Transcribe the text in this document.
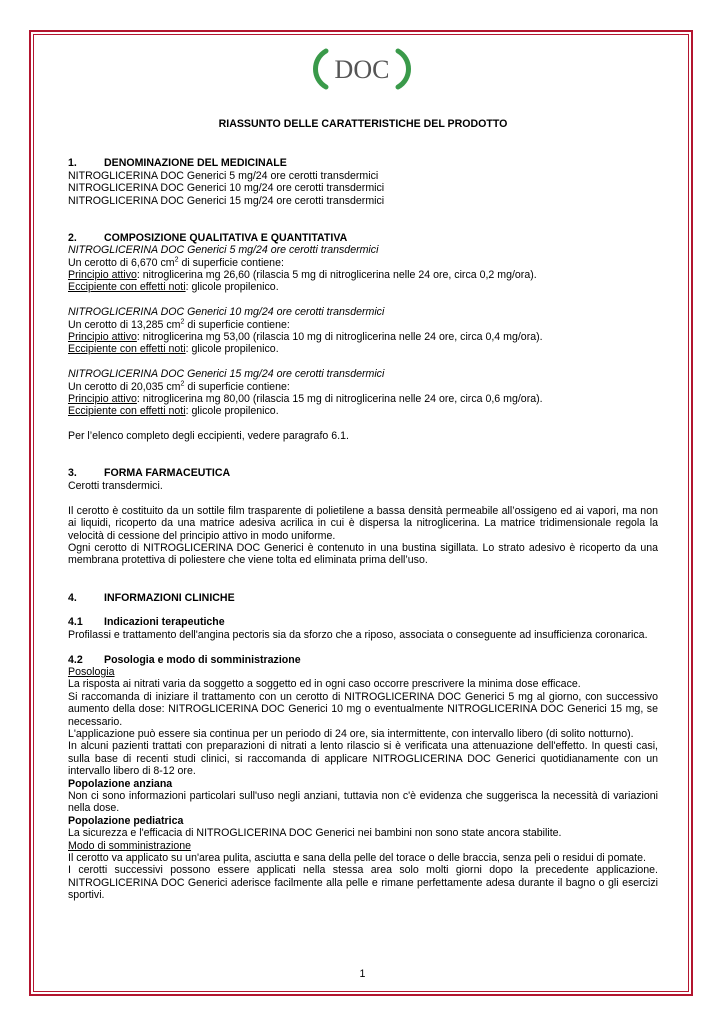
DOC

RIASSUNTO DELLE CARATTERISTICHE DEL PRODOTTO

1.	DENOMINAZIONE DEL MEDICINALE

NITROGLICERINA DOC Generici 5 mg/24 ore cerotti transdermici

NITROGLICERINA DOC Generici 10 mg/24 ore cerotti transdermici

NITROGLICERINA DOC Generici 15 mg/24 ore cerotti transdermici

2.	COMPOSIZIONE QUALITATIVA E QUANTITATIVA

NITROGLICERINA DOC Generici 5 mg/24 ore cerotti transdermici

Un cerotto di 6,670 $cm^2$ di superficie contiene:

Principio attivo: nitroglicerina mg 26,60 (rilascia 5 mg di nitroglicerina nelle 24 ore, circa 0,2 mg/ora).

Eccipiente con effetti noti: glicole propilenico.

NITROGLICERINA DOC Generici 10 mg/24 ore cerotti transdermici

Un cerotto di 13,285 $cm^2$ di superficie contiene:

Principio attivo: nitroglicerina mg 53,00 (rilascia 10 mg di nitroglicerina nelle 24 ore, circa 0,4 mg/ora).

Eccipiente con effetti noti: glicole propilenico.

NITROGLICERINA DOC Generici 15 mg/24 ore cerotti transdermici

Un cerotto di 20,035 $cm^2$ di superficie contiene:

Principio attivo: nitroglicerina mg 80,00 (rilascia 15 mg di nitroglicerina nelle 24 ore, circa 0,6 mg/ora).

Eccipiente con effetti noti: glicole propilenico.

Per l’elenco completo degli eccipienti, vedere paragrafo 6.1.

3.	FORMA FARMACEUTICA

Cerotti transdermici.

Il cerotto è costituito da un sottile film trasparente di polietilene a bassa densità permeabile all’ossigeno ed ai vapori, ma non ai liquidi, ricoperto da una matrice adesiva acrilica in cui è dispersa la nitroglicerina. La matrice tridimensionale regola la velocità di cessione del principio attivo in modo uniforme.

Ogni cerotto di NITROGLICERINA DOC Generici è contenuto in una bustina sigillata. Lo strato adesivo è ricoperto da una membrana protettiva di poliestere che viene tolta ed eliminata prima dell’uso.

4.	INFORMAZIONI CLINICHE

4.1 Indicazioni terapeutiche

Profilassi e trattamento dell'angina pectoris sia da sforzo che a riposo, associata o conseguente ad insufficienza coronarica.

4.2 Posologia e modo di somministrazione

Posologia

La risposta ai nitrati varia da soggetto a soggetto ed in ogni caso occorre prescrivere la minima dose efficace.

Si raccomanda di iniziare il trattamento con un cerotto di NITROGLICERINA DOC Generici 5 mg al giorno, con successivo aumento della dose: NITROGLICERINA DOC Generici 10 mg o eventualmente NITROGLICERINA DOC Generici 15 mg, se necessario.

L'applicazione può essere sia continua per un periodo di 24 ore, sia intermittente, con intervallo libero (di solito notturno).

In alcuni pazienti trattati con preparazioni di nitrati a lento rilascio si è verificata una attenuazione dell'effetto. In questi casi, sulla base di recenti studi clinici, si raccomanda di applicare NITROGLICERINA DOC Generici quotidianamente con un intervallo libero di 8-12 ore.

Popolazione anziana

Non ci sono informazioni particolari sull'uso negli anziani, tuttavia non c'è evidenza che suggerisca la necessità di variazioni nella dose.

Popolazione pediatrica

La sicurezza e l'efficacia di NITROGLICERINA DOC Generici nei bambini non sono state ancora stabilite.

Modo di somministrazione

Il cerotto va applicato su un'area pulita, asciutta e sana della pelle del torace o delle braccia, senza peli o residui di pomate.

I cerotti successivi possono essere applicati nella stessa area solo molti giorni dopo la precedente applicazione. NITROGLICERINA DOC Generici aderisce facilmente alla pelle e rimane perfettamente adesa durante il bagno o gli esercizi sportivi.

1
